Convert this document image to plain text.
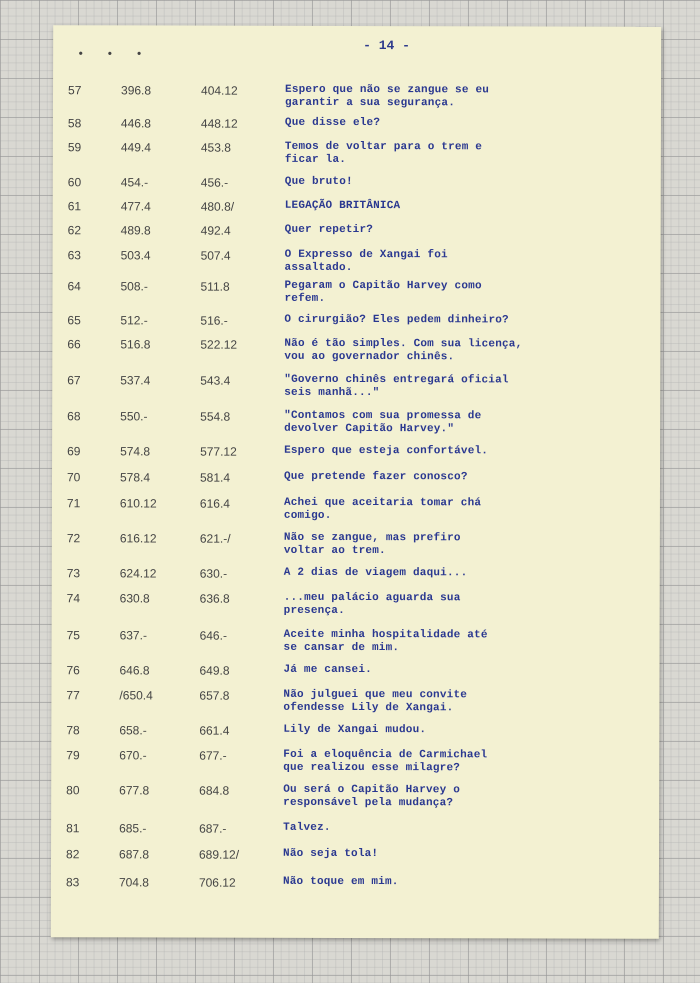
•••
- 14 -
57	396.8	404.12	Espero que não se zangue se eu
garantir a sua segurança.
58	446.8	448.12	Que disse ele?
59	449.4	453.8	Temos de voltar para o trem e
ficar la.
60	454.-	456.-	Que bruto!
61	477.4	480.8/	LEGAÇÃO BRITÂNICA
62	489.8	492.4	Quer repetir?
63	503.4	507.4	O Expresso de Xangai foi
assaltado.
64	508.-	511.8	Pegaram o Capitão Harvey como
refem.
65	512.-	516.-	O cirurgião? Eles pedem dinheiro?
66	516.8	522.12	Não é tão simples. Com sua licença,
vou ao governador chinês.
67	537.4	543.4	"Governo chinês entregará oficial
seis manhã..."
68	550.-	554.8	"Contamos com sua promessa de
devolver Capitão Harvey."
69	574.8	577.12	Espero que esteja confortável.
70	578.4	581.4	Que pretende fazer conosco?
71	610.12	616.4	Achei que aceitaria tomar chá
comigo.
72	616.12	621.-/	Não se zangue, mas prefiro
voltar ao trem.
73	624.12	630.-	A 2 dias de viagem daqui...
74	630.8	636.8	...meu palácio aguarda sua
presença.
75	637.-	646.-	Aceite minha hospitalidade até
se cansar de mim.
76	646.8	649.8	Já me cansei.
77	/650.4	657.8	Não julguei que meu convite
ofendesse Lily de Xangai.
78	658.-	661.4	Lily de Xangai mudou.
79	670.-	677.-	Foi a eloquência de Carmichael
que realizou esse milagre?
80	677.8	684.8	Ou será o Capitão Harvey o
responsável pela mudança?
81	685.-	687.-	Talvez.
82	687.8	689.12/	Não seja tola!
83	704.8	706.12	Não toque em mim.
